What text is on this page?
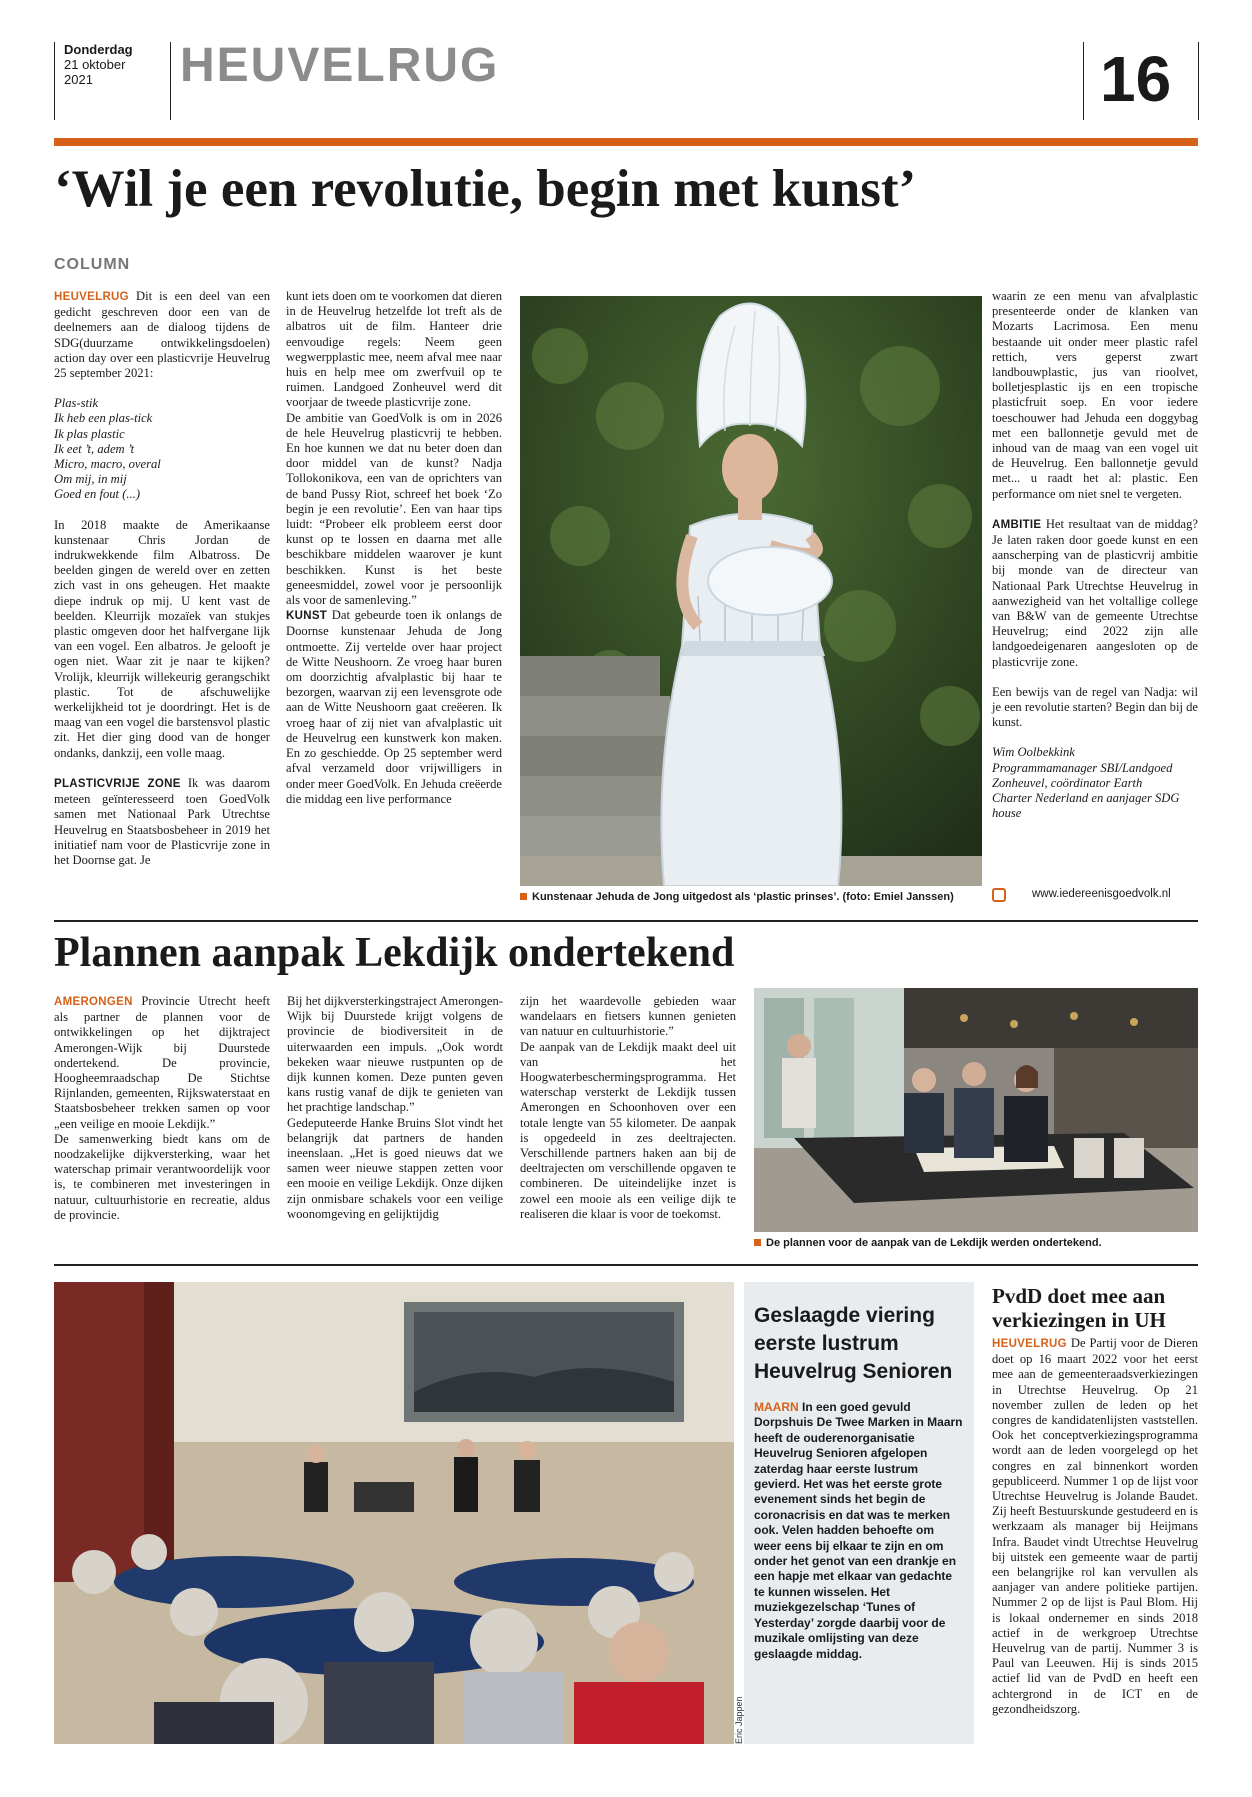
Donderdag
21 oktober
2021	HEUVELRUG	16
‘Wil je een revolutie, begin met kunst’
COLUMN

HEUVELRUG Dit is een deel van een gedicht geschreven door een van de deelnemers aan de dialoog tijdens de SDG(duurzame ontwikkelingsdoelen) action day over een plasticvrije Heuvelrug 25 september 2021:

Plas-stik
Ik heb een plas-tick
Ik plas plastic
Ik eet ’t, adem ’t
Micro, macro, overal
Om mij, in mij
Goed en fout (...)

In 2018 maakte de Amerikaanse kunstenaar Chris Jordan de indrukwekkende film Albatross. De beelden gingen de wereld over en zetten zich vast in ons geheugen. Het maakte diepe indruk op mij. U kent vast de beelden. Kleurrijk mozaïek van stukjes plastic omgeven door het halfvergane lijk van een vogel. Een albatros. Je gelooft je ogen niet. Waar zit je naar te kijken? Vrolijk, kleurrijk willekeurig gerangschikt plastic. Tot de afschuwelijke werkelijkheid tot je doordringt. Het is de maag van een vogel die barstensvol plastic zit. Het dier ging dood van de honger ondanks, dankzij, een volle maag.

PLASTICVRIJE ZONE Ik was daarom meteen geïnteresseerd toen GoedVolk samen met Nationaal Park Utrechtse Heuvelrug en Staatsbosbeheer in 2019 het initiatief nam voor de Plasticvrije zone in het Doornse gat. Je

kunt iets doen om te voorkomen dat dieren in de Heuvelrug hetzelfde lot treft als de albatros uit de film. Hanteer drie eenvoudige regels: Neem geen wegwerpplastic mee, neem afval mee naar huis en help mee om zwerfvuil op te ruimen. Landgoed Zonheuvel werd dit voorjaar de tweede plasticvrije zone.

De ambitie van GoedVolk is om in 2026 de hele Heuvelrug plasticvrij te hebben. En hoe kunnen we dat nu beter doen dan door middel van de kunst? Nadja Tollokonikova, een van de oprichters van de band Pussy Riot, schreef het boek ‘Zo begin je een revolutie’. Een van haar tips luidt: “Probeer elk probleem eerst door kunst op te lossen en daarna met alle beschikbare middelen waarover je kunt beschikken. Kunst is het beste geneesmiddel, zowel voor je persoonlijk als voor de samenleving.”

KUNST Dat gebeurde toen ik onlangs de Doornse kunstenaar Jehuda de Jong ontmoette. Zij vertelde over haar project de Witte Neushoorn. Ze vroeg haar buren om doorzichtig afvalplastic bij haar te bezorgen, waarvan zij een levensgrote ode aan de Witte Neushoorn gaat creëeren. Ik vroeg haar of zij niet van afvalplastic uit de Heuvelrug een kunstwerk kon maken. En zo geschiedde. Op 25 september werd afval verzameld door vrijwilligers in onder meer GoedVolk. En Jehuda creëerde die middag een live performance

Kunstenaar Jehuda de Jong uitgedost als ‘plastic prinses’. (foto: Emiel Janssen)

waarin ze een menu van afvalplastic presenteerde onder de klanken van Mozarts Lacrimosa. Een menu bestaande uit onder meer plastic rafel rettich, vers geperst zwart landbouwplastic, jus van rioolvet, bolletjesplastic ijs en een tropische plasticfruit soep. En voor iedere toeschouwer had Jehuda een doggybag met een ballonnetje gevuld met de inhoud van de maag van een vogel uit de Heuvelrug. Een ballonnetje gevuld met... u raadt het al: plastic. Een performance om niet snel te vergeten.

AMBITIE Het resultaat van de middag? Je laten raken door goede kunst en een aanscherping van de plasticvrij ambitie bij monde van de directeur van Nationaal Park Utrechtse Heuvelrug in aanwezigheid van het voltallige college van B&W van de gemeente Utrechtse Heuvelrug; eind 2022 zijn alle landgoedeigenaren aangesloten op de plasticvrije zone.

Een bewijs van de regel van Nadja: wil je een revolutie starten? Begin dan bij de kunst.

Wim Oolbekkink
Programmamanager SBI/Landgoed
Zonheuvel, coördinator Earth
Charter Nederland en aanjager SDG
house
www.iedereenisgoedvolk.nl
Plannen aanpak Lekdijk ondertekend

AMERONGEN Provincie Utrecht heeft als partner de plannen voor de ontwikkelingen op het dijktraject Amerongen-Wijk bij Duurstede ondertekend. De provincie, Hoogheemraadschap De Stichtse Rijnlanden, gemeenten, Rijkswaterstaat en Staatsbosbeheer trekken samen op voor „een veilige en mooie Lekdijk.”

De samenwerking biedt kans om de noodzakelijke dijkversterking, waar het waterschap primair verantwoordelijk voor is, te combineren met investeringen in natuur, cultuurhistorie en recreatie, aldus de provincie.

Bij het dijkversterkingstraject Amerongen-Wijk bij Duurstede krijgt volgens de provincie de biodiversiteit in de uiterwaarden een impuls. „Ook wordt bekeken waar nieuwe rustpunten op de dijk kunnen komen. Deze punten geven kans rustig vanaf de dijk te genieten van het prachtige landschap.”

Gedeputeerde Hanke Bruins Slot vindt het belangrijk dat partners de handen ineenslaan. „Het is goed nieuws dat we samen weer nieuwe stappen zetten voor een mooie en veilige Lekdijk. Onze dijken zijn onmisbare schakels voor een veilige woonomgeving en gelijktijdig

zijn het waardevolle gebieden waar wandelaars en fietsers kunnen genieten van natuur en cultuurhistorie.”

De aanpak van de Lekdijk maakt deel uit van het Hoogwaterbeschermingsprogramma. Het waterschap versterkt de Lekdijk tussen Amerongen en Schoonhoven over een totale lengte van 55 kilometer. De aanpak is opgedeeld in zes deeltrajecten. Verschillende partners haken aan bij de deeltrajecten om verschillende opgaven te combineren. De uiteindelijke inzet is zowel een mooie als een veilige dijk te realiseren die klaar is voor de toekomst.

De plannen voor de aanpak van de Lekdijk werden ondertekend.
Eric Jappen
Geslaagde viering eerste lustrum Heuvelrug Senioren
MAARN In een goed gevuld Dorpshuis De Twee Marken in Maarn heeft de ouderenorganisatie Heuvelrug Senioren afgelopen zaterdag haar eerste lustrum gevierd. Het was het eerste grote evenement sinds het begin de coronacrisis en dat was te merken ook. Velen hadden behoefte om weer eens bij elkaar te zijn en om onder het genot van een drankje en een hapje met elkaar van gedachte te kunnen wisselen. Het muziekgezelschap ‘Tunes of Yesterday’ zorgde daarbij voor de muzikale omlijsting van deze geslaagde middag.
PvdD doet mee aan verkiezingen in UH

HEUVELRUG De Partij voor de Dieren doet op 16 maart 2022 voor het eerst mee aan de gemeenteraadsverkiezingen in Utrechtse Heuvelrug. Op 21 november zullen de leden op het congres de kandidatenlijsten vaststellen. Ook het conceptverkiezingsprogramma wordt aan de leden voorgelegd op het congres en zal binnenkort worden gepubliceerd. Nummer 1 op de lijst voor Utrechtse Heuvelrug is Jolande Baudet. Zij heeft Bestuurskunde gestudeerd en is werkzaam als manager bij Heijmans Infra. Baudet vindt Utrechtse Heuvelrug bij uitstek een gemeente waar de partij een belangrijke rol kan vervullen als aanjager van andere politieke partijen. Nummer 2 op de lijst is Paul Blom. Hij is lokaal ondernemer en sinds 2018 actief in de werkgroep Utrechtse Heuvelrug van de partij. Nummer 3 is Paul van Leeuwen. Hij is sinds 2015 actief lid van de PvdD en heeft een achtergrond in de ICT en de gezondheidszorg.
